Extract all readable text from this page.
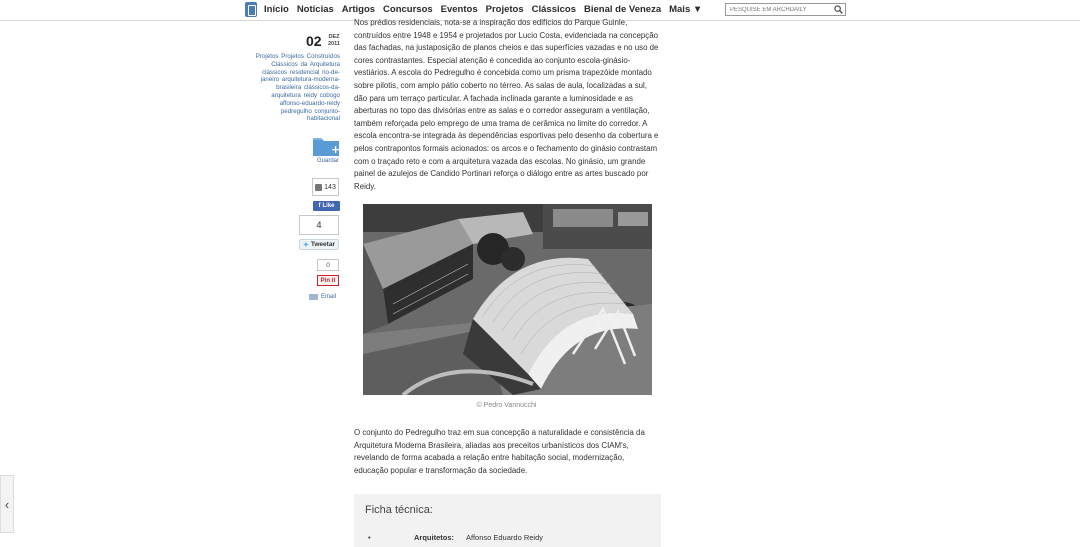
Início Notícias Artigos Concursos Eventos Projetos Clássicos Bienal de Veneza Mais ▼
PESQUISE EM ARCHDAILY
02 DEZ
2011
Projetos Projetos Construídos Clássicos da Arquitetura clássicos residencial rio-de-janeiro arquitetura-moderna-brasileira clássicos-da-arquitetura reidy cobogo affonso-eduardo-reidy pedregulho conjunto-habitacional
+
Guardar
143
f Like
4
✦ Tweetar
0
Pin it
Email

Nos prédios residenciais, nota-se a inspiração dos edifícios do Parque Guinle, contruídos entre 1948 e 1954 e projetados por Lucio Costa, evidenciada na concepção das fachadas, na justaposição de planos cheios e das superfícies vazadas e no uso de cores contrastantes. Especial atenção é concedida ao conjunto escola-ginásio-vestiários. A escola do Pedregulho é concebida como um prisma trapezóide montado sobre pilotis, com amplo pátio coberto no térreo. As salas de aula, localizadas a sul, dão para um terraço particular. A fachada inclinada garante a luminosidade e as aberturas no topo das divisórias entre as salas e o corredor asseguram a ventilação, também reforçada pelo emprego de uma trama de cerâmica no limite do corredor. A escola encontra-se integrada às dependências esportivas pelo desenho da cobertura e pelos contrapontos formais acionados: os arcos e o fechamento do ginásio contrastam com o traçado reto e com a arquitetura vazada das escolas. No ginásio, um grande painel de azulejos de Candido Portinari reforça o diálogo entre as artes buscado por Reidy.

© Pedro Vannucchi

O conjunto do Pedregulho traz em sua concepção a naturalidade e consistência da Arquitetura Moderna Brasileira, aliadas aos preceitos urbanísticos dos CIAM's, revelando de forma acabada a relação entre habitação social, modernização, educação popular e transformação da sociedade.

Ficha técnica:
•	Arquitetos:	Affonso Eduardo Reidy
‹
